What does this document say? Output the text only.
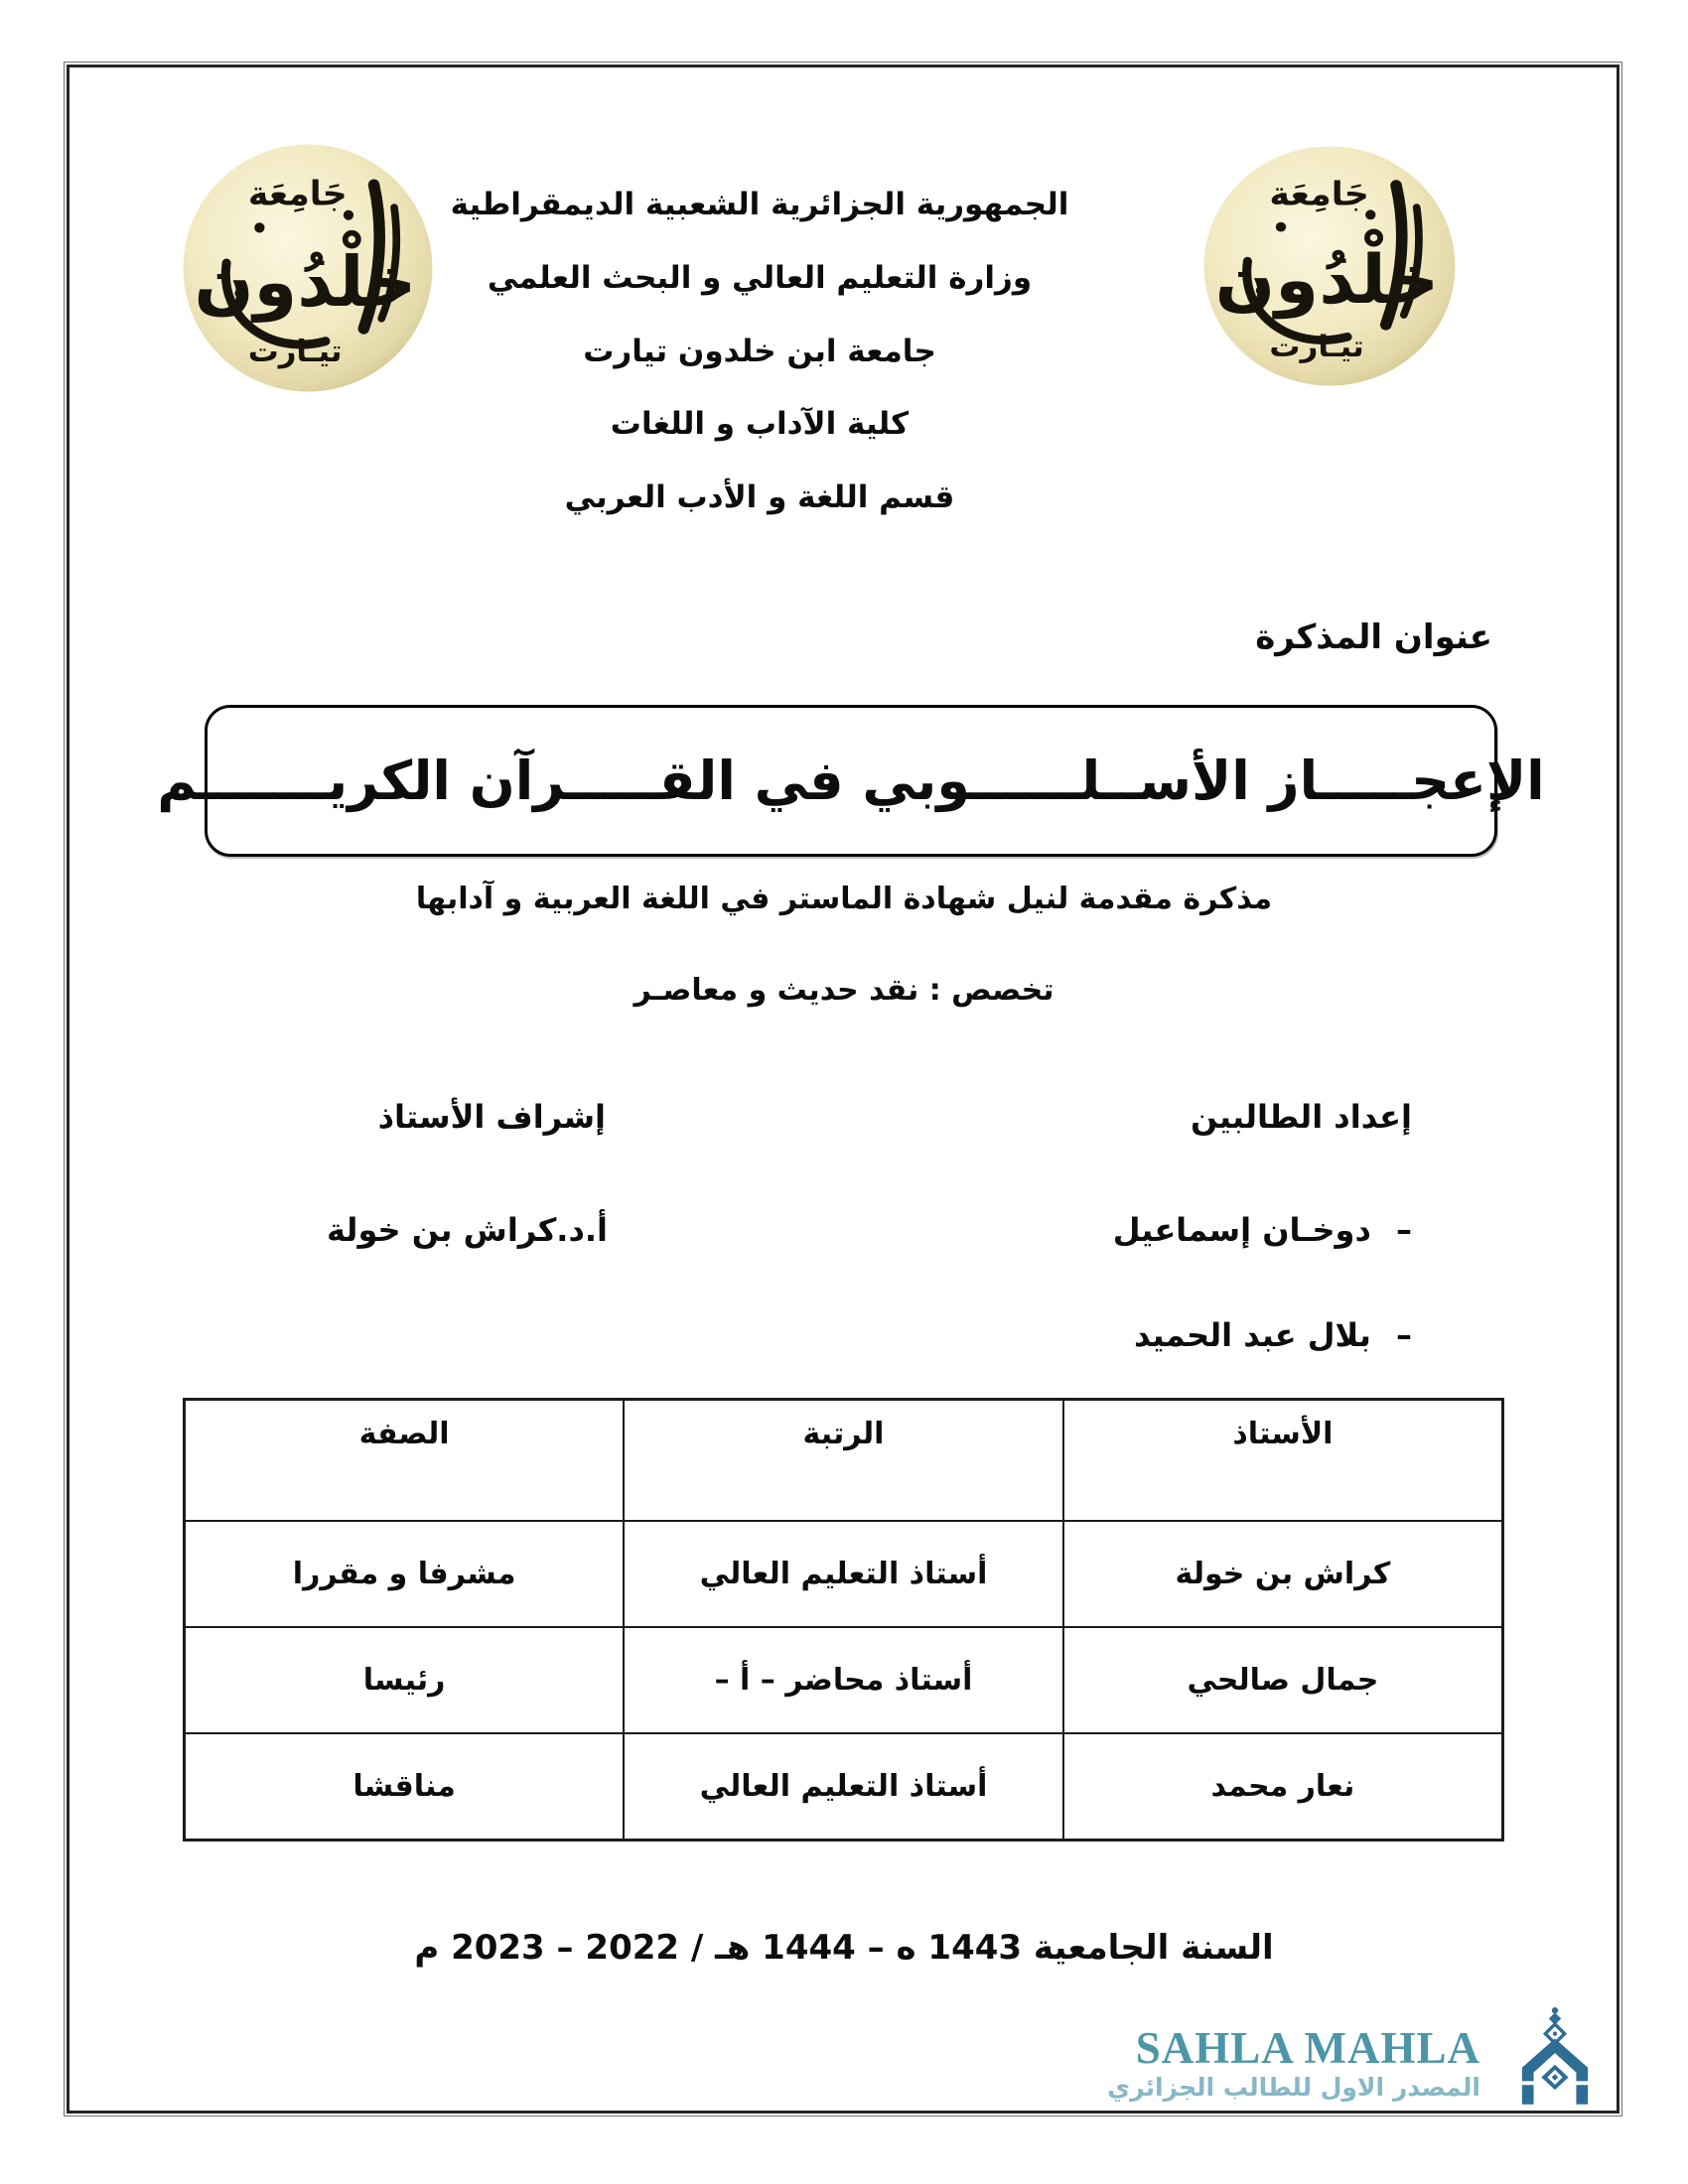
الجمهورية الجزائرية الشعبية الديمقراطية
وزارة التعليم العالي و البحث العلمي
جامعة ابن خلدون تيارت
كلية الآداب و اللغات
قسم اللغة و الأدب العربي
عنوان المذكرة
الإعجـــــاز الأســلــــــوبي في القـــــرآن الكريـــــــم
مذكرة مقدمة لنيل شهادة الماستر في اللغة العربية و آدابها
تخصص : نقد حديث و معاصـر
إعداد الطالبين
إشراف الأستاذ
– دوخـان إسماعيل
– بلال عبد الحميد
أ.د.كراش بن خولة
الأستاذ	الرتبة	الصفة
كراش بن خولة	أستاذ التعليم العالي	مشرفا و مقررا
جمال صالحي	أستاذ محاضر – أ –	رئيسا
نعار محمد	أستاذ التعليم العالي	مناقشا
السنة الجامعية 1443 ه – 1444 هـ / 2022 – 2023 م
SAHLA MAHLA
المصدر الاول للطالب الجزائري
